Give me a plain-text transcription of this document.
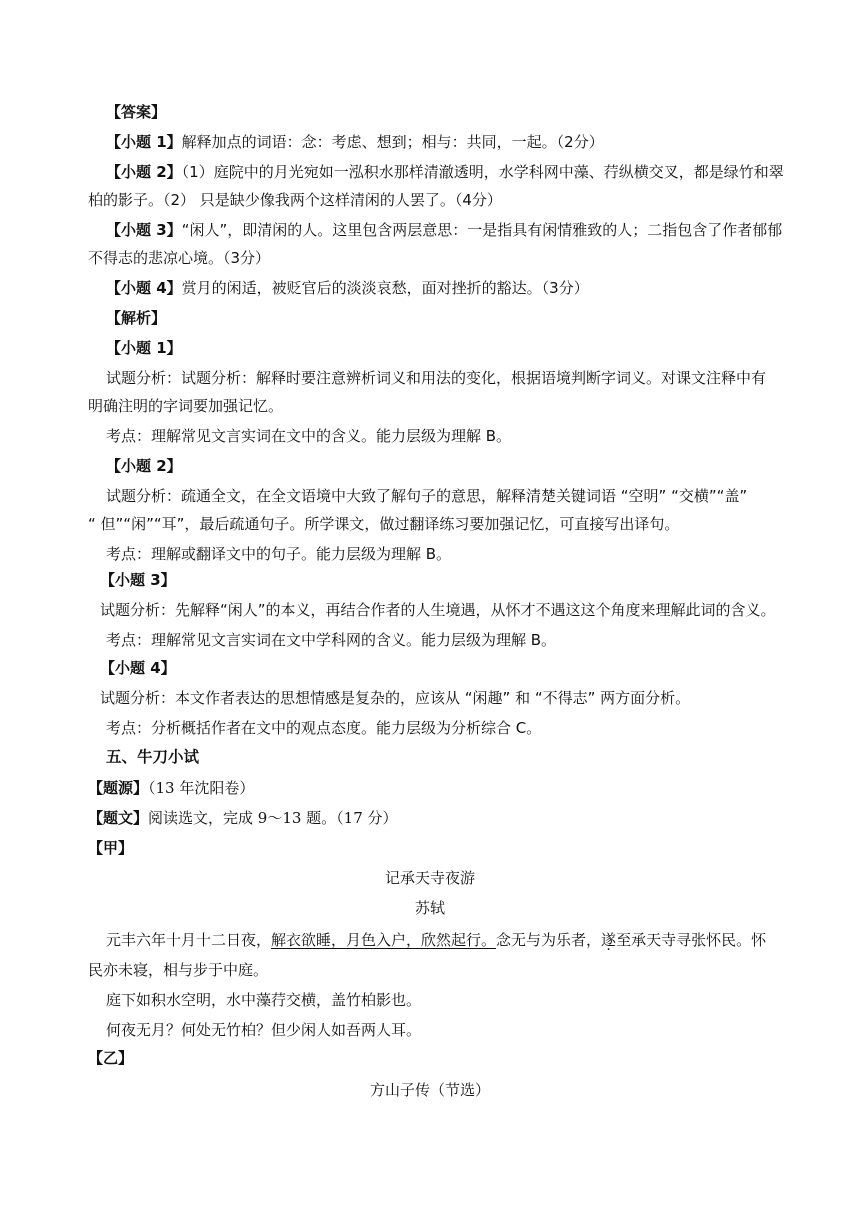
【答案】
【小题 1】解释加点的词语：念：考虑、想到；相与：共同，一起。（2分）
【小题 2】（1）庭院中的月光宛如一泓积水那样清澈透明，水学科网中藻、荇纵横交叉，都是绿竹和翠
柏的影子。（2） 只是缺少像我两个这样清闲的人罢了。（4分）
【小题 3】“闲人”，即清闲的人。这里包含两层意思：一是指具有闲情雅致的人；二指包含了作者郁郁
不得志的悲凉心境。（3分）
【小题 4】赏月的闲适，被贬官后的淡淡哀愁，面对挫折的豁达。（3分）
【解析】
【小题 1】
试题分析：试题分析：解释时要注意辨析词义和用法的变化，根据语境判断字词义。对课文注释中有
明确注明的字词要加强记忆。
考点：理解常见文言实词在文中的含义。能力层级为理解 B。
【小题 2】
试题分析：疏通全文，在全文语境中大致了解句子的意思，解释清楚关键词语 “空明” “交横”“盖”
“ 但”“闲”“耳”，最后疏通句子。所学课文，做过翻译练习要加强记忆，可直接写出译句。
考点：理解或翻译文中的句子。能力层级为理解 B。
【小题 3】
试题分析：先解释“闲人”的本义，再结合作者的人生境遇，从怀才不遇这这个角度来理解此词的含义。
考点：理解常见文言实词在文中学科网的含义。能力层级为理解 B。
【小题 4】
试题分析：本文作者表达的思想情感是复杂的，应该从 “闲趣” 和 “不得志” 两方面分析。
考点：分析概括作者在文中的观点态度。能力层级为分析综合 C。
五、牛刀小试
【题源】（13 年沈阳卷）
【题文】阅读选文，完成 9～13 题。（17 分）
【甲】
记承天寺夜游
苏轼
元丰六年十月十二日夜，解衣欲睡，月色入户，欣然起行。念无与为乐者，遂至承天寺寻张怀民。怀
民亦未寝，相与步于中庭。
庭下如积水空明，水中藻荇交横，盖竹柏影也。
何夜无月？何处无竹柏？但少闲人如吾两人耳。
【乙】
方山子传（节选）
